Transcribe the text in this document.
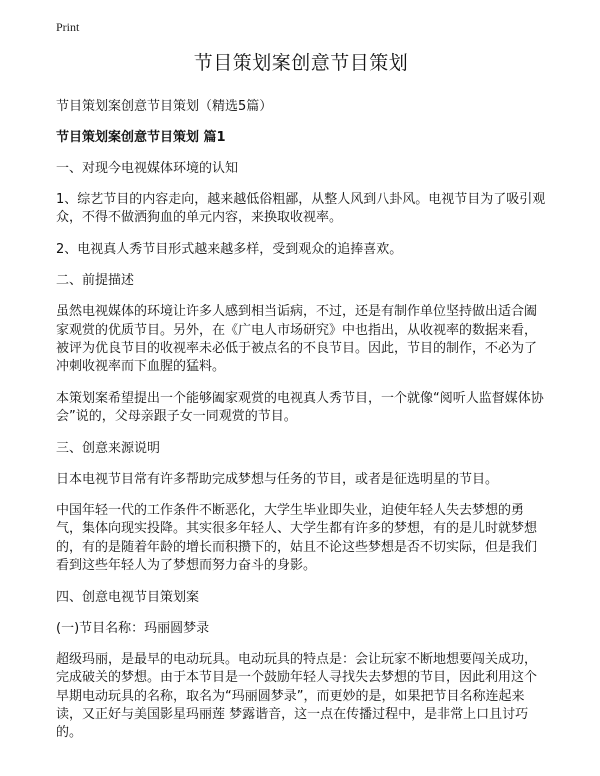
Print
节目策划案创意节目策划

节目策划案创意节目策划（精选5篇）

节目策划案创意节目策划 篇1

一、对现今电视媒体环境的认知

1、综艺节目的内容走向，越来越低俗粗鄙，从整人风到八卦风。电视节目为了吸引观众，不得不做洒狗血的单元内容，来换取收视率。

2、电视真人秀节目形式越来越多样，受到观众的追捧喜欢。

二、前提描述

虽然电视媒体的环境让许多人感到相当诟病，不过，还是有制作单位坚持做出适合阖家观赏的优质节目。另外，在《广电人市场研究》中也指出，从收视率的数据来看，被评为优良节目的收视率未必低于被点名的不良节目。因此，节目的制作，不必为了冲刺收视率而下血腥的猛料。

本策划案希望提出一个能够阖家观赏的电视真人秀节目，一个就像“阅听人监督媒体协会”说的，父母亲跟子女一同观赏的节目。

三、创意来源说明

日本电视节目常有许多帮助完成梦想与任务的节目，或者是征选明星的节目。

中国年轻一代的工作条件不断恶化，大学生毕业即失业，迫使年轻人失去梦想的勇气，集体向现实投降。其实很多年轻人、大学生都有许多的梦想，有的是儿时就梦想的，有的是随着年龄的增长而积攒下的，姑且不论这些梦想是否不切实际，但是我们看到这些年轻人为了梦想而努力奋斗的身影。

四、创意电视节目策划案

(一)节目名称：玛丽圆梦录

超级玛丽，是最早的电动玩具。电动玩具的特点是：会让玩家不断地想要闯关成功，完成破关的梦想。由于本节目是一个鼓励年轻人寻找失去梦想的节目，因此利用这个早期电动玩具的名称，取名为“玛丽圆梦录”，而更妙的是，如果把节目名称连起来读，又正好与美国影星玛丽莲 梦露谐音，这一点在传播过程中，是非常上口且讨巧的。
